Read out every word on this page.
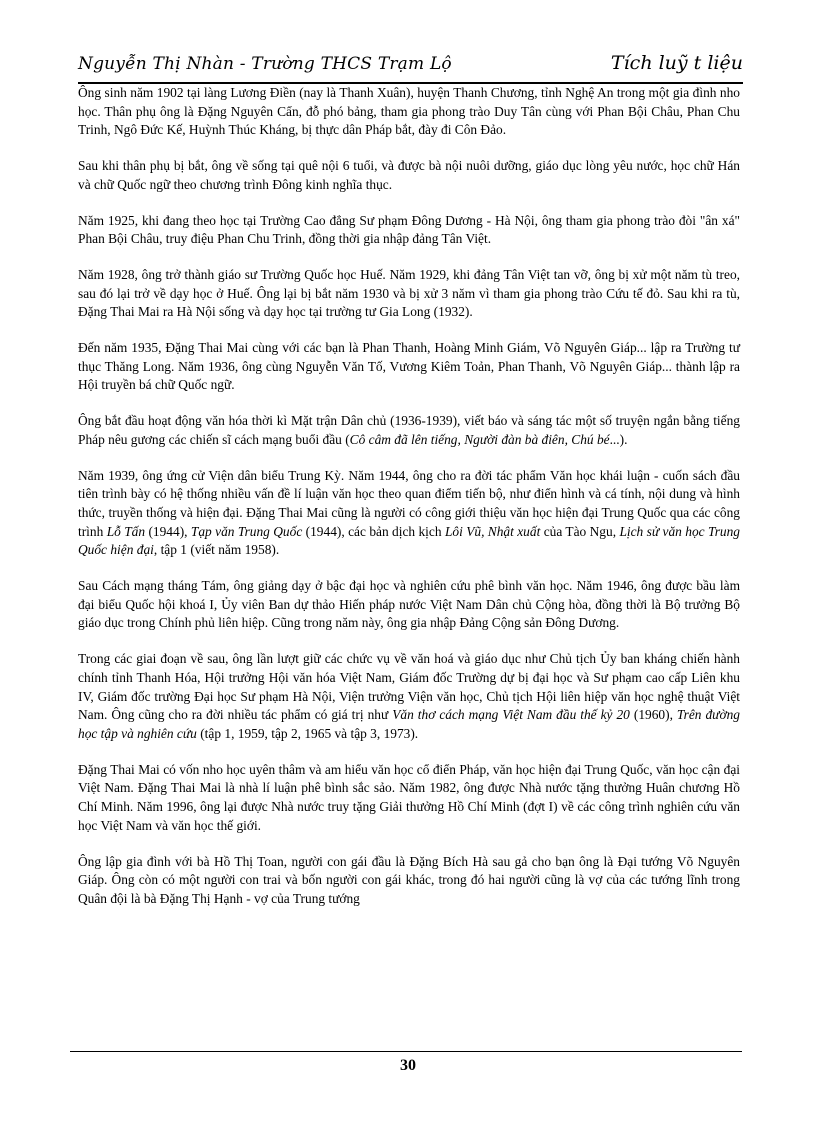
Nguyễn Thị Nhàn - Trường THCS Trạm Lộ	Tích luỹ t liệu

Ông sinh năm 1902 tại làng Lương Điền (nay là Thanh Xuân), huyện Thanh Chương, tỉnh Nghệ An trong một gia đình nho học. Thân phụ ông là Đặng Nguyên Cẩn, đỗ phó bảng, tham gia phong trào Duy Tân cùng với Phan Bội Châu, Phan Chu Trinh, Ngô Đức Kế, Huỳnh Thúc Kháng, bị thực dân Pháp bắt, đày đi Côn Đảo.

Sau khi thân phụ bị bắt, ông về sống tại quê nội 6 tuổi, và được bà nội nuôi dưỡng, giáo dục lòng yêu nước, học chữ Hán và chữ Quốc ngữ theo chương trình Đông kinh nghĩa thục.

Năm 1925, khi đang theo học tại Trường Cao đẳng Sư phạm Đông Dương - Hà Nội, ông tham gia phong trào đòi "ân xá" Phan Bội Châu, truy điệu Phan Chu Trinh, đồng thời gia nhập đảng Tân Việt.

Năm 1928, ông trở thành giáo sư Trường Quốc học Huế. Năm 1929, khi đảng Tân Việt tan vỡ, ông bị xử một năm tù treo, sau đó lại trở về dạy học ở Huế. Ông lại bị bắt năm 1930 và bị xử 3 năm vì tham gia phong trào Cứu tế đỏ. Sau khi ra tù, Đặng Thai Mai ra Hà Nội sống và dạy học tại trường tư Gia Long (1932).

Đến năm 1935, Đặng Thai Mai cùng với các bạn là Phan Thanh, Hoàng Minh Giám, Võ Nguyên Giáp... lập ra Trường tư thục Thăng Long. Năm 1936, ông cùng Nguyễn Văn Tố, Vương Kiêm Toản, Phan Thanh, Võ Nguyên Giáp... thành lập ra Hội truyền bá chữ Quốc ngữ.

Ông bắt đầu hoạt động văn hóa thời kì Mặt trận Dân chủ (1936-1939), viết báo và sáng tác một số truyện ngắn bằng tiếng Pháp nêu gương các chiến sĩ cách mạng buổi đầu (Cô câm đã lên tiếng, Người đàn bà điên, Chú bé...).

Năm 1939, ông ứng cử Viện dân biểu Trung Kỳ. Năm 1944, ông cho ra đời tác phẩm Văn học khái luận - cuốn sách đầu tiên trình bày có hệ thống nhiều vấn đề lí luận văn học theo quan điểm tiến bộ, như điển hình và cá tính, nội dung và hình thức, truyền thống và hiện đại. Đặng Thai Mai cũng là người có công giới thiệu văn học hiện đại Trung Quốc qua các công trình Lỗ Tấn (1944), Tạp văn Trung Quốc (1944), các bản dịch kịch Lôi Vũ, Nhật xuất của Tào Ngu, Lịch sử văn học Trung Quốc hiện đại, tập 1 (viết năm 1958).

Sau Cách mạng tháng Tám, ông giảng dạy ở bậc đại học và nghiên cứu phê bình văn học. Năm 1946, ông được bầu làm đại biểu Quốc hội khoá I, Ủy viên Ban dự thảo Hiến pháp nước Việt Nam Dân chủ Cộng hòa, đồng thời là Bộ trưởng Bộ giáo dục trong Chính phủ liên hiệp. Cũng trong năm này, ông gia nhập Đảng Cộng sản Đông Dương.

Trong các giai đoạn về sau, ông lần lượt giữ các chức vụ về văn hoá và giáo dục như Chủ tịch Ủy ban kháng chiến hành chính tỉnh Thanh Hóa, Hội trưởng Hội văn hóa Việt Nam, Giám đốc Trường dự bị đại học và Sư phạm cao cấp Liên khu IV, Giám đốc trường Đại học Sư phạm Hà Nội, Viện trưởng Viện văn học, Chủ tịch Hội liên hiệp văn học nghệ thuật Việt Nam. Ông cũng cho ra đời nhiều tác phẩm có giá trị như Văn thơ cách mạng Việt Nam đầu thế kỷ 20 (1960), Trên đường học tập và nghiên cứu (tập 1, 1959, tập 2, 1965 và tập 3, 1973).

Đặng Thai Mai có vốn nho học uyên thâm và am hiểu văn học cổ điển Pháp, văn học hiện đại Trung Quốc, văn học cận đại Việt Nam. Đặng Thai Mai là nhà lí luận phê bình sắc sảo. Năm 1982, ông được Nhà nước tặng thưởng Huân chương Hồ Chí Minh. Năm 1996, ông lại được Nhà nước truy tặng Giải thưởng Hồ Chí Minh (đợt I) về các công trình nghiên cứu văn học Việt Nam và văn học thế giới.

Ông lập gia đình với bà Hồ Thị Toan, người con gái đầu là Đặng Bích Hà sau gả cho bạn ông là Đại tướng Võ Nguyên Giáp. Ông còn có một người con trai và bốn người con gái khác, trong đó hai người cũng là vợ của các tướng lĩnh trong Quân đội là bà Đặng Thị Hạnh - vợ của Trung tướng

30
